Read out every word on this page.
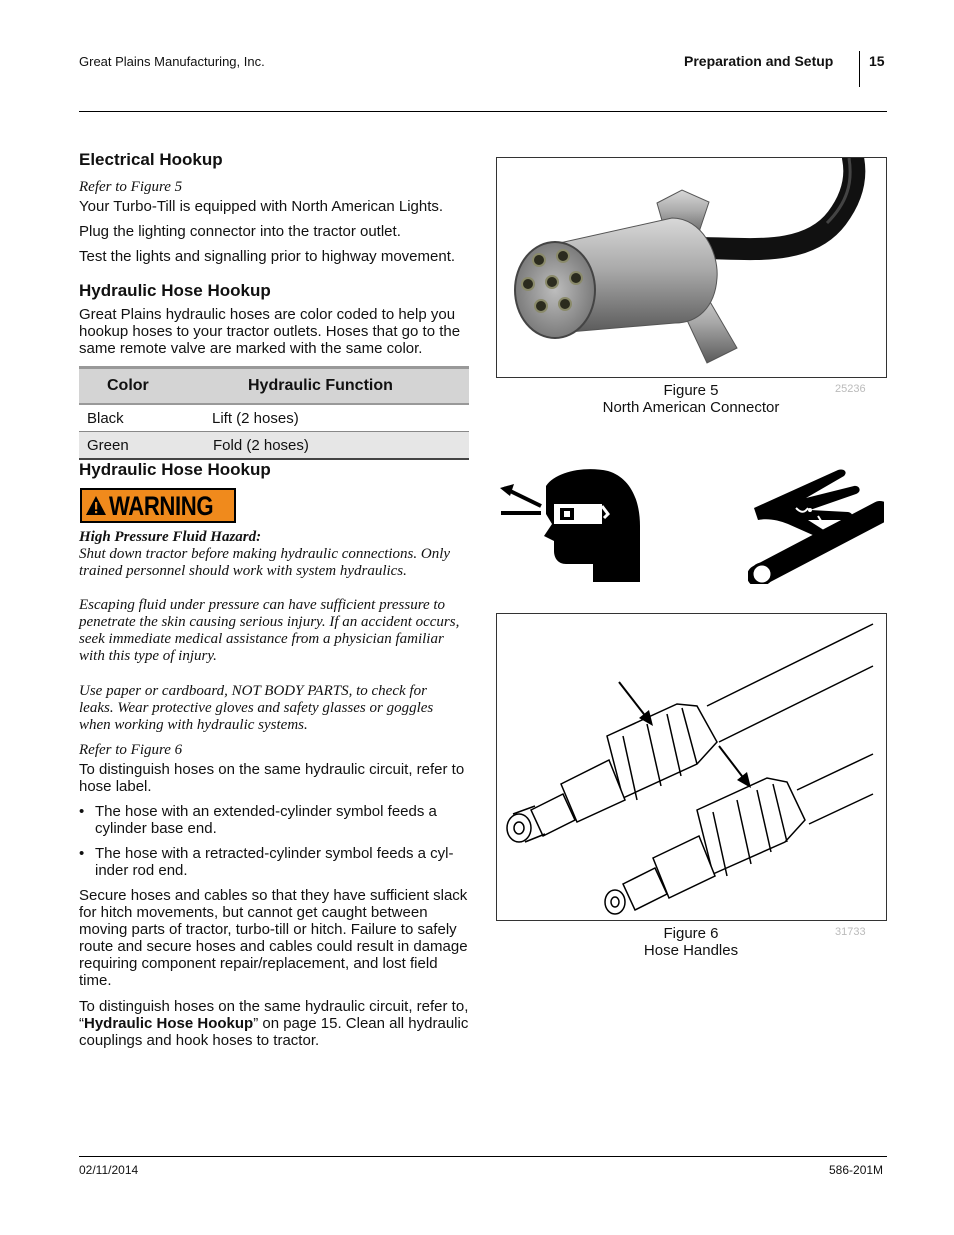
Great Plains Manufacturing, Inc.	Preparation and Setup	15
Electrical Hookup
Refer to Figure 5

Your Turbo-Till is equipped with North American Lights.

Plug the lighting connector into the tractor outlet.

Test the lights and signalling prior to highway movement.

Hydraulic Hose Hookup

Great Plains hydraulic hoses are color coded to help you hookup hoses to your tractor outlets. Hoses that go to the same remote valve are marked with the same color.

Color	Hydraulic Function
Black	Lift (2 hoses)
Green	Fold (2 hoses)
Hydraulic Hose Hookup
WARNING
High Pressure Fluid Hazard:
Shut down tractor before making hydraulic connections. Only trained personnel should work with system hydraulics.
Escaping fluid under pressure can have sufficient pressure to penetrate the skin causing serious injury. If an accident occurs, seek immediate medical assistance from a physician familiar with this type of injury.
Use paper or cardboard, NOT BODY PARTS, to check for leaks. Wear protective gloves and safety glasses or goggles when working with hydraulic systems.
Refer to Figure 6

To distinguish hoses on the same hydraulic circuit, refer to hose label.

• The hose with an extended-cylinder symbol feeds a cylinder base end.
• The hose with a retracted-cylinder symbol feeds a cyl-inder rod end.

Secure hoses and cables so that they have sufficient slack for hitch movements, but cannot get caught between moving parts of tractor, turbo-till or hitch. Failure to safely route and secure hoses and cables could result in damage requiring component repair/replacement, and lost field time.

To distinguish hoses on the same hydraulic circuit, refer to, “Hydraulic Hose Hookup” on page 15. Clean all hydraulic couplings and hook hoses to tractor.

Figure 5
North American Connector
25236
Figure 6
Hose Handles
31733
02/11/2014	586-201M
